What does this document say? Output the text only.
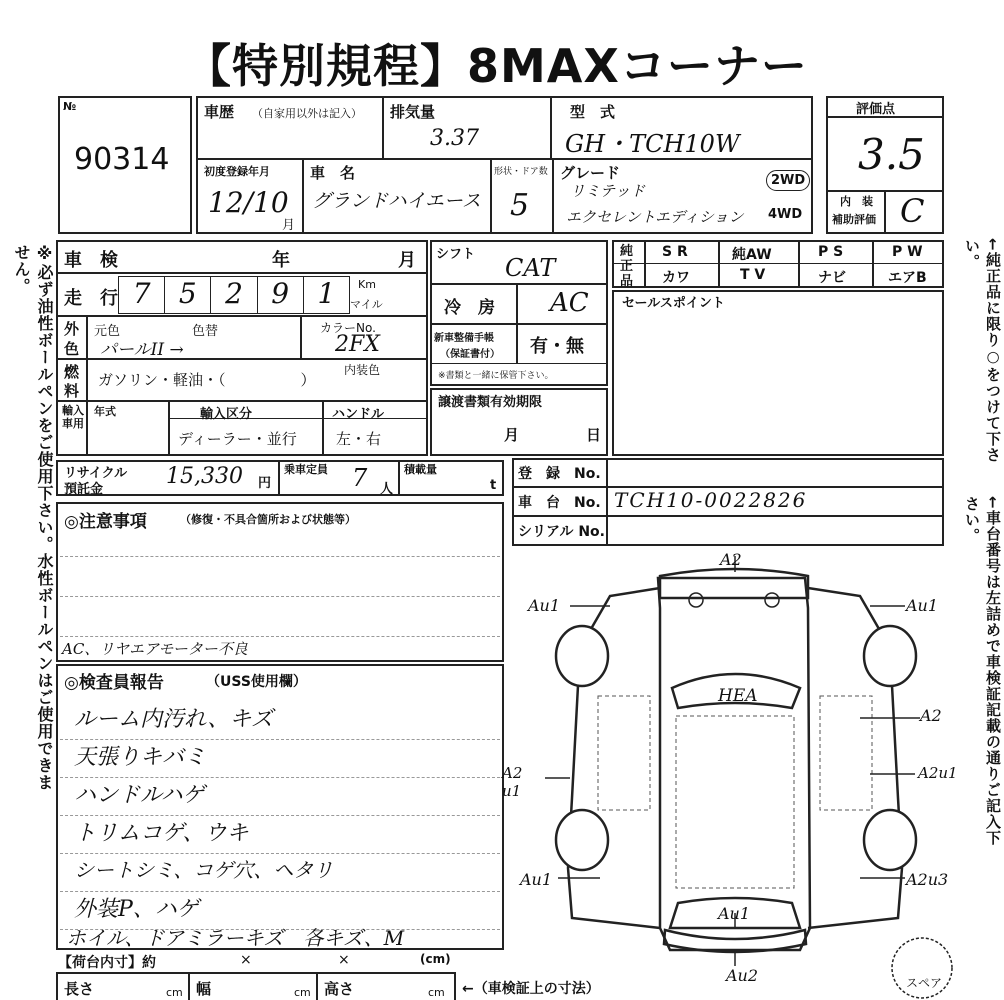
【特別規程】8MAXコーナー
№
90314
車歴 （自家用以外は記入） 排気量
3.37
型　式
GH・TCH10W
初度登録年月
12/10
月
車　名
グランドハイエース
形状・ドア数
5
グレード
リミテッド
エクセレントエディション
2WD
4WD
評価点
3.5
内　装
補助評価 C
※必ず油性ボールペンをご使用下さい。水性ボールペンはご使用できません。	←純正品に限り○をつけて下さい。
←車台番号は左詰めで車検証記載の通りご記入下さい。
車　検	年	月
走　行 7	5	2	9	1	Km
マイル
外
色
元色	色替
パールII →
カラーNo.
2FX
燃
料
ガソリン・軽油・（　　　　　）
内装色
輸入車用
年式	輸入区分
ディーラー・並行
ハンドル
左・右
シフト CAT
冷　房 AC
新車整備手帳
（保証書付） 有・無
※書類と一緒に保管下さい。
譲渡書類有効期限
月	日
純
正
品
S R	純AW	P S	P W
カワ	T V	ナビ	エアB
セールスポイント
リサイクル
預託金
15,330 円
乗車定員 7 人
積載量
t
登　録　No.
車　台　No. TCH10-0022826
シリアル No.
◎注意事項	（修復・不具合箇所および状態等）
AC、リヤエアモーター不良
◎検査員報告	（USS使用欄）
ルーム内汚れ、キズ
天張りキバミ
ハンドルハゲ
トリムコゲ、ウキ
シートシミ、コゲ穴、ヘタリ
外装P、ハゲ
ホイル、ドアミラーキズ　各キズ、M
【荷台内寸】約	×	×	(cm)
長さ	cm 幅	cm 高さ	cm ←（車検証上の寸法）
A2
Au1	Au1
HEA
A2
A2 u1
A2u1
Au1	A2u3
Au1
Au2	スペア
